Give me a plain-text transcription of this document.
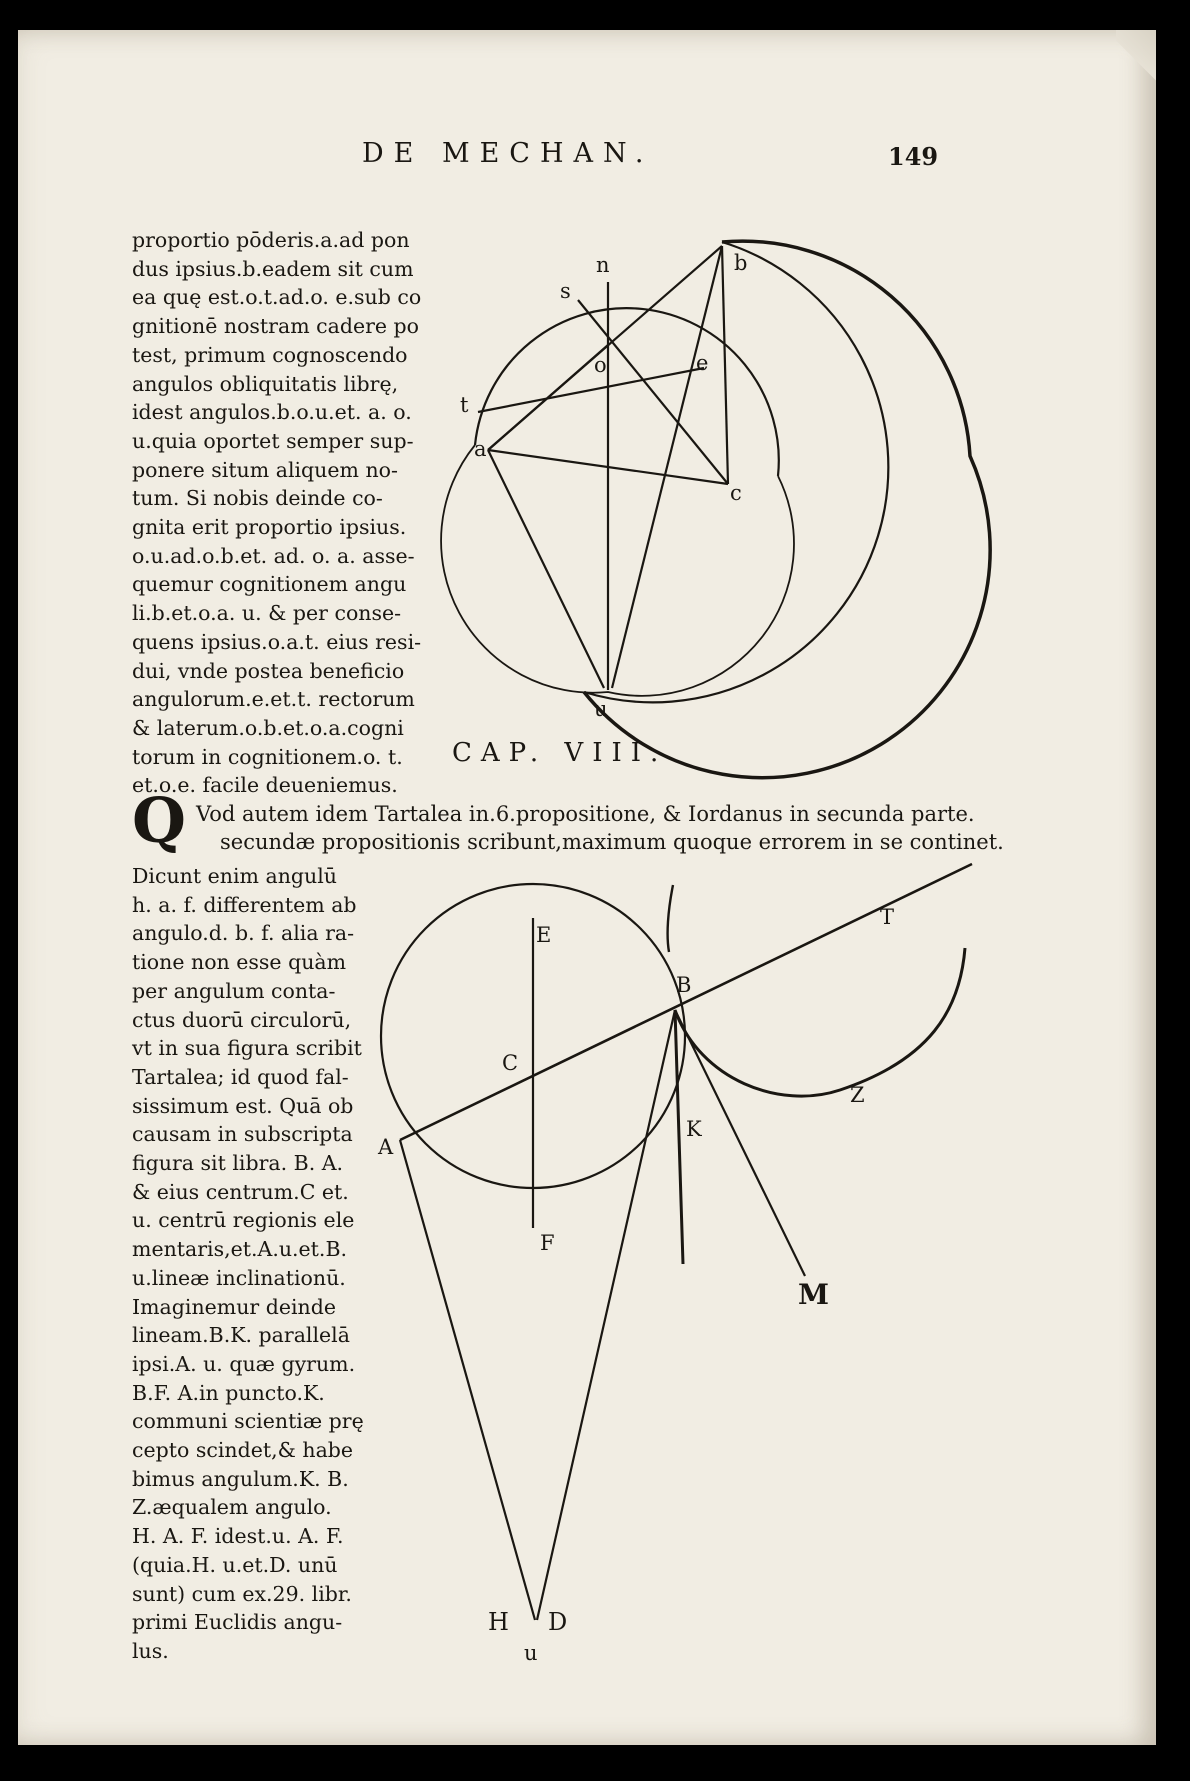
DE MECHAN.	149
proportio pōderis.a.ad pon
dus ipsius.b.eadem sit cum
ea quę est.o.t.ad.o. e.sub co
gnitionē nostram cadere po
test, primum cognoscendo
angulos obliquitatis librę,
idest angulos.b.o.u.et. a. o.
u.quia oportet semper sup-
ponere situm aliquem no-
tum. Si nobis deinde co-
gnita erit proportio ipsius.
o.u.ad.o.b.et. ad. o. a. asse-
quemur cognitionem angu
li.b.et.o.a. u. & per conse-
quens ipsius.o.a.t. eius resi-
dui, vnde postea beneficio
angulorum.e.et.t. rectorum
& laterum.o.b.et.o.a.cogni
torum in cognitionem.o. t.
et.o.e. facile deueniemus.
CAP. VIII.
Q Vod autem idem Tartalea in.6.propositione, & Iordanus in secunda parte.
secundæ propositionis scribunt,maximum quoque errorem in se continet.
Dicunt enim angulū
h. a. f. differentem ab
angulo.d. b. f. alia ra-
tione non esse quàm
per angulum conta-
ctus duorū circulorū,
vt in sua figura scribit
Tartalea; id quod fal-
sissimum est. Quā ob
causam in subscripta
figura sit libra. B. A.
& eius centrum.C et.
u. centrū regionis ele
mentaris,et.A.u.et.B.
u.lineæ inclinationū.
Imaginemur deinde
lineam.B.K. parallelā
ipsi.A. u. quæ gyrum.
B.F. A.in puncto.K.
communi scientiæ prę
cepto scindet,& habe
bimus angulum.K. B.
Z.æqualem angulo.
H. A. F. idest.u. A. F.
(quia.H. u.et.D. unū
sunt) cum ex.29. libr.
primi Euclidis angu-
lus.
n	b
s
o	e
t
a
c
u
E
T
B
C
Z
K
A
F
M
H D
u
